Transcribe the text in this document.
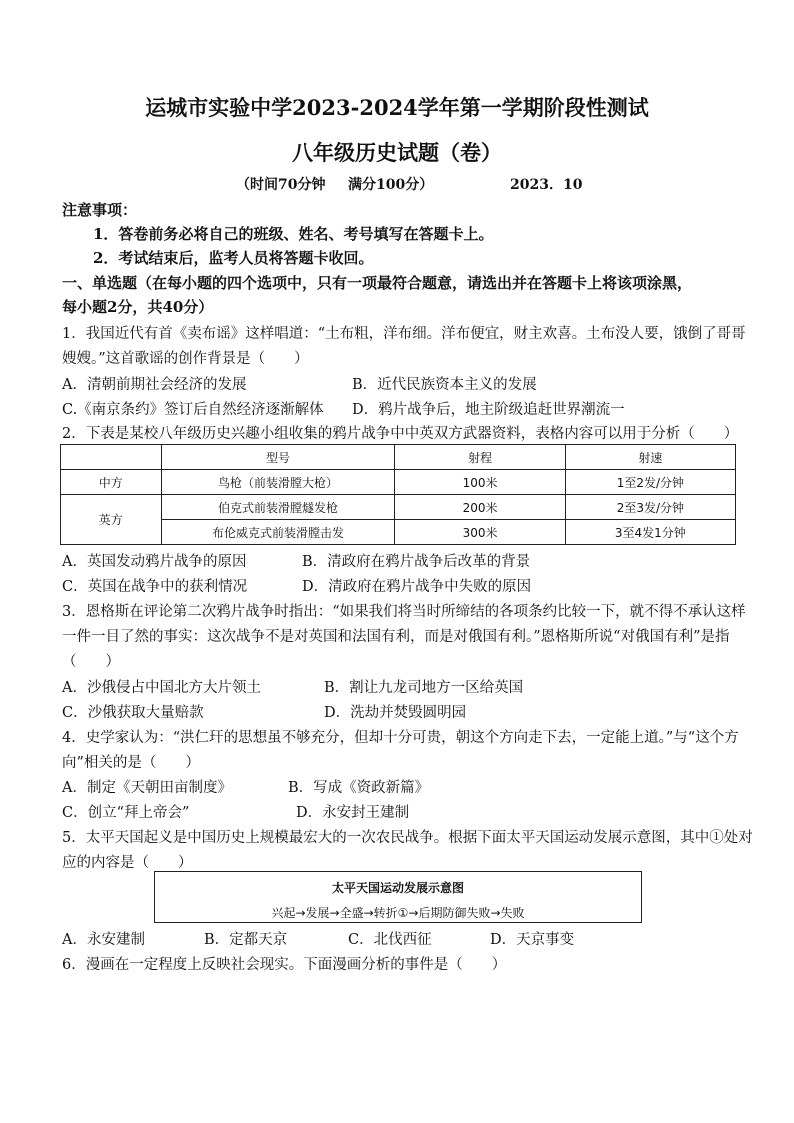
运城市实验中学2023-2024学年第一学期阶段性测试
八年级历史试题（卷）
（时间70分钟 满分100分）	2023．10
注意事项：
1．答卷前务必将自己的班级、姓名、考号填写在答题卡上。
2．考试结束后，监考人员将答题卡收回。
一、单选题（在每小题的四个选项中，只有一项最符合题意，请选出并在答题卡上将该项涂黑，
每小题2分，共40分）
1．我国近代有首《卖布谣》这样唱道：“土布粗，洋布细。洋布便宜，财主欢喜。土布没人要，饿倒了哥哥
嫂嫂。”这首歌谣的创作背景是（　　）
A．清朝前期社会经济的发展	B．近代民族资本主义的发展
C.《南京条约》签订后自然经济逐渐解体 D．鸦片战争后，地主阶级追赶世界潮流一
2．下表是某校八年级历史兴趣小组收集的鸦片战争中中英双方武器资料，表格内容可以用于分析（　　）
	型号	射程	射速
中方	鸟枪（前装滑膛大枪）	100米	1至2发/分钟
英方	伯克式前装滑膛燧发枪	200米	2至3发/分钟
	布伦威克式前装滑膛击发	300米	3至4发1分钟
A．英国发动鸦片战争的原因	B．清政府在鸦片战争后改革的背景
C．英国在战争中的获利情况	D．清政府在鸦片战争中失败的原因
3．恩格斯在评论第二次鸦片战争时指出：“如果我们将当时所缔结的各项条约比较一下，就不得不承认这样
一件一目了然的事实：这次战争不是对英国和法国有利，而是对俄国有利。”恩格斯所说“对俄国有利”是指
（　　）
A．沙俄侵占中国北方大片领土	B．割让九龙司地方一区给英国
C．沙俄获取大量赔款	D．洗劫并焚毁圆明园
4．史学家认为：“洪仁玕的思想虽不够充分，但却十分可贵，朝这个方向走下去，一定能上道。”与“这个方
向”相关的是（　　）
A．制定《天朝田亩制度》	B．写成《资政新篇》
C．创立“拜上帝会”	D．永安封王建制
5．太平天国起义是中国历史上规模最宏大的一次农民战争。根据下面太平天国运动发展示意图，其中①处对
应的内容是（　　）
太平天国运动发展示意图
兴起→发展→全盛→转折①→后期防御失败→失败
A．永安建制	B．定都天京	C．北伐西征	D．天京事变
6．漫画在一定程度上反映社会现实。下面漫画分析的事件是（　　）
